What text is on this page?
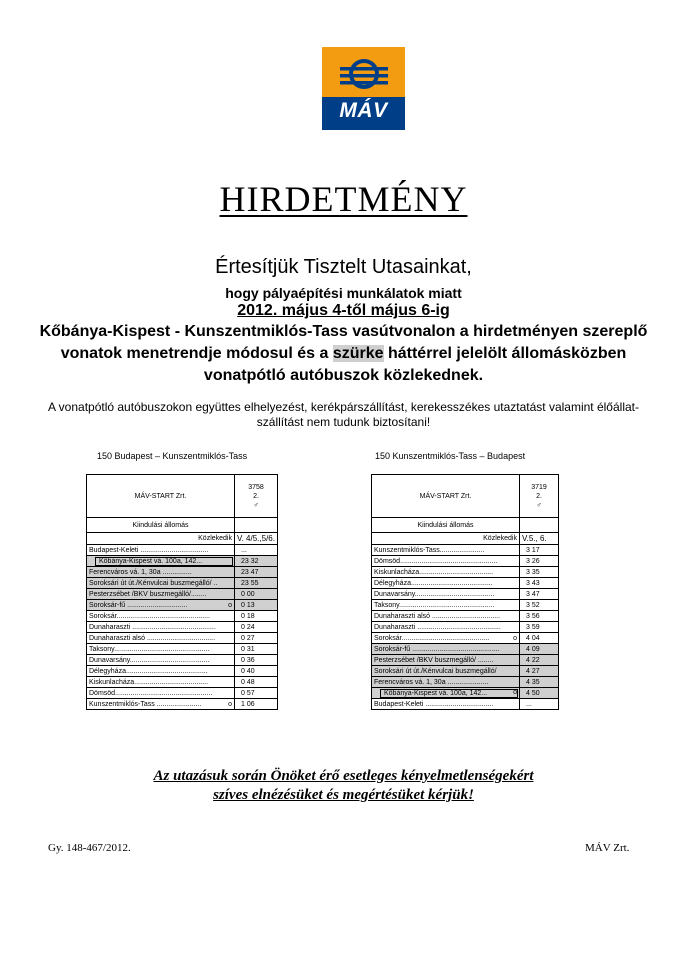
MÁV
HIRDETMÉNY
Értesítjük Tisztelt Utasainkat,
hogy pályaépítési munkálatok miatt
2012. május 4-től május 6-ig
Kőbánya-Kispest - Kunszentmiklós-Tass vasútvonalon a hirdetményen szereplő vonatok menetrendje módosul és a szürke háttérrel jelelölt állomásközben vonatpótló autóbuszok közlekednek.
A vonatpótló autóbuszokon együttes elhelyezést, kerékpárszállítást, kerekesszékes utaztatást valamint élőállat-szállítást nem tudunk biztosítani!
150 Budapest – Kunszentmiklós-Tass	150 Kunszentmiklós-Tass – Budapest
MÁV-START Zrt.	3758
2.
♂

Kiindulási állomás	
Közlekedik	V. 4/5.,5/6.
Budapest-Keleti ...................................	...

Kőbánya-Kispest vá. 100a, 142...	23 32
Ferencváros vá. 1, 30a ...............	23 47
Soroksári út út./Kénvulcai buszmegálló/ ..	23 55
Pesterzsébet /BKV buszmegálló/........	0 00

o
Soroksár-fű ...............................	0 13
Soroksár................................................	0 18
Dunaharaszti ...........................................	0 24
Dunaharaszti alsó ...................................	0 27
Taksony.................................................	0 31
Dunavarsány.........................................	0 36
Délegyháza..........................................	0 40
Kiskunlacháza......................................	0 48
Dömsöd..................................................	0 57

o
Kunszentmiklós-Tass .......................	1 06
MÁV-START Zrt.	3719
2.
♂

Kiindulási állomás	
Közlekedik	V.5., 6.
Kunszentmiklós-Tass.......................	3 17
Dömsöd..................................................	3 26
Kiskunlacháza......................................	3 35
Délegyháza..........................................	3 43
Dunavarsány.........................................	3 47
Taksony.................................................	3 52
Dunaharaszti alsó ...................................	3 56
Dunaharaszti ...........................................	3 59

o
Soroksár.............................................	4 04
Soroksár-fű .............................................	4 09
Pesterzsébet /BKV buszmegálló/ ........	4 22
Soroksári út út./Kénvulcai buszmegálló/	4 27
Ferencváros vá. 1, 30a .....................	4 35

o
Kőbánya-Kispest vá. 100a, 142...	4 50
Budapest-Keleti ...................................	...
Az utazásuk során Önöket érő esetleges kényelmetlenségekért
szíves elnézésüket és megértésüket kérjük!
Gy. 148-467/2012.	MÁV Zrt.
